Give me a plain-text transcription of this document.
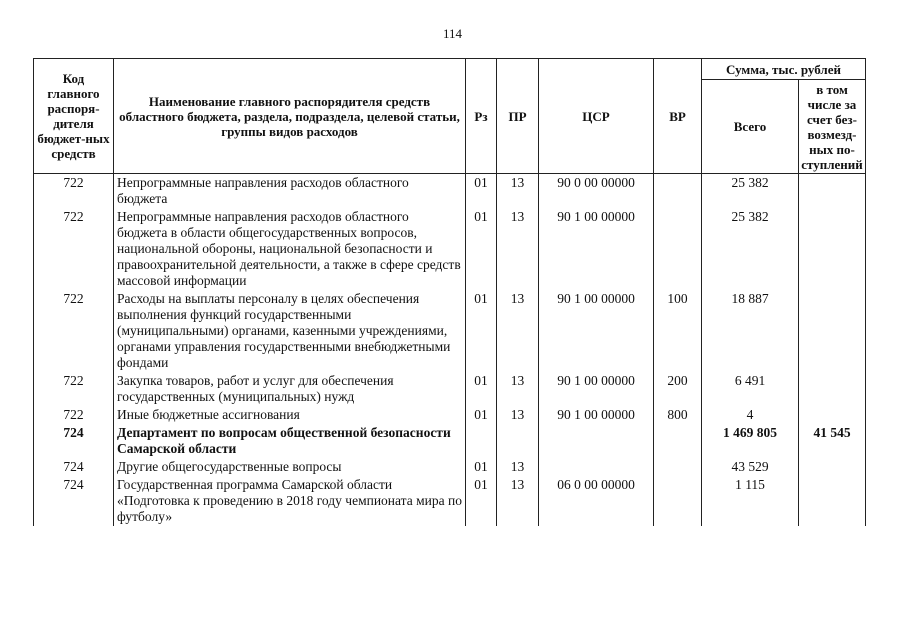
114
Код главного распоря-дителя бюджет-ных средств	Наименование главного распорядителя средств областного бюджета, раздела, подраздела, целевой статьи, группы видов расходов	Рз	ПР	ЦСР	ВР	Сумма, тыс. рублей	
						Всего	в том числе за счет без-возмезд-ных по-ступлений
722	Непрограммные направления расходов областного бюджета	01	13	90 0 00 00000		25 382	
722	Непрограммные направления расходов областного бюджета в области общегосударственных вопросов, национальной обороны, национальной безопасности и правоохранительной деятельности, а также в сфере средств массовой информации	01	13	90 1 00 00000		25 382	
722	Расходы на выплаты персоналу в целях обеспечения выполнения функций государственными (муниципальными) органами, казенными учреждениями, органами управления государственными внебюджетными фондами	01	13	90 1 00 00000	100	18 887	
722	Закупка товаров, работ и услуг для обеспечения государственных (муниципальных) нужд	01	13	90 1 00 00000	200	6 491	
722	Иные бюджетные ассигнования	01	13	90 1 00 00000	800	4	
724	Департамент по вопросам общественной безопасности Самарской области					1 469 805	41 545
724	Другие общегосударственные вопросы	01	13			43 529	
724	Государственная программа Самарской области «Подготовка к проведению в 2018 году чемпионата мира по футболу»	01	13	06 0 00 00000		1 115	
